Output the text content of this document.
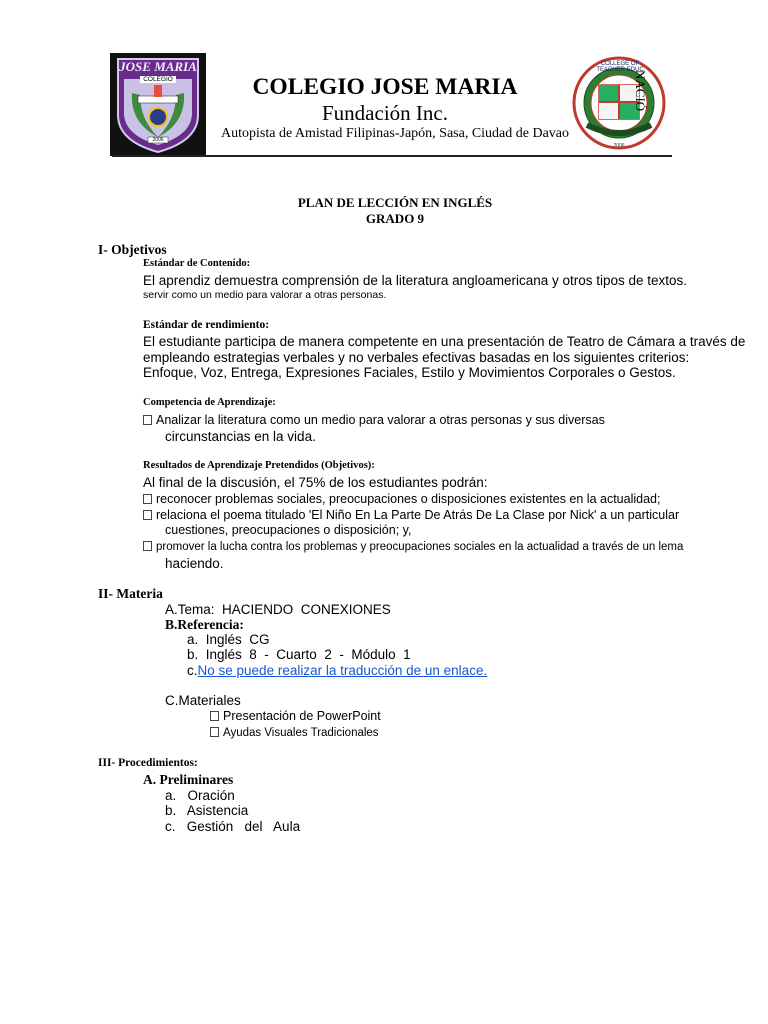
JOSE MARIA
COLEGIO
2006
COLEGIO JOSE MARIA
Fundación Inc.
Autopista de Amistad Filipinas-Japón, Sasa, Ciudad de Davao
COLLEGE OF TEACHER EDUC
La Paz
2006
NACIÓ
PLAN DE LECCIÓN EN INGLÉS
GRADO 9
I- Objetivos
Estándar de Contenido:
El aprendiz demuestra comprensión de la literatura angloamericana y otros tipos de textos.
servir como un medio para valorar a otras personas.
Estándar de rendimiento:
El estudiante participa de manera competente en una presentación de Teatro de Cámara a través de
empleando estrategias verbales y no verbales efectivas basadas en los siguientes criterios:
Enfoque, Voz, Entrega, Expresiones Faciales, Estilo y Movimientos Corporales o Gestos.
Competencia de Aprendizaje:
Analizar la literatura como un medio para valorar a otras personas y sus diversas
circunstancias en la vida.
Resultados de Aprendizaje Pretendidos (Objetivos):
Al final de la discusión, el 75% de los estudiantes podrán:
reconocer problemas sociales, preocupaciones o disposiciones existentes en la actualidad;
relaciona el poema titulado 'El Niño En La Parte De Atrás De La Clase por Nick' a un particular
cuestiones, preocupaciones o disposición; y,
promover la lucha contra los problemas y preocupaciones sociales en la actualidad a través de un lema
haciendo.
II- Materia
A.Tema:  HACIENDO  CONEXIONES
B.Referencia:
a.  Inglés  CG
b.  Inglés  8  -  Cuarto  2  -  Módulo  1
c.No se puede realizar la traducción de un enlace.
C.Materiales
Presentación de PowerPoint
Ayudas Visuales Tradicionales
III- Procedimientos:
A. Preliminares
a.   Oración
b.   Asistencia
c.   Gestión   del   Aula
